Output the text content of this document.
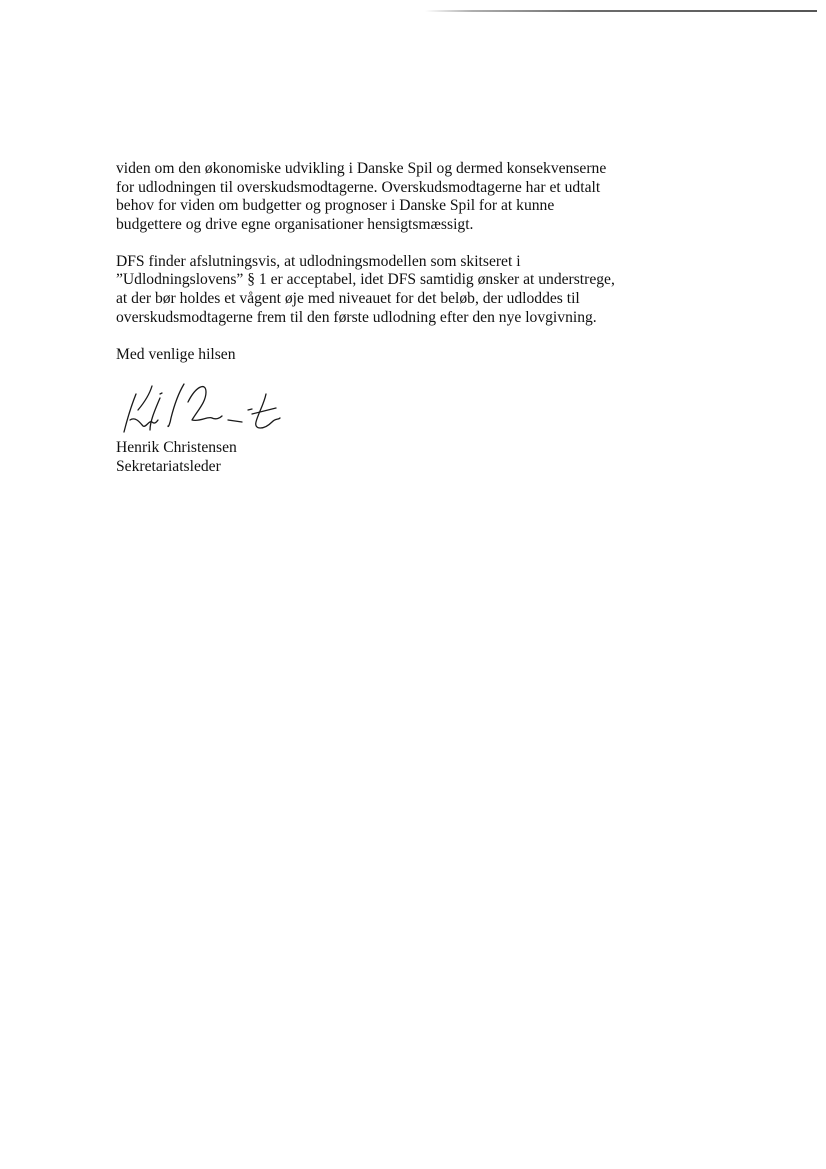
viden om den økonomiske udvikling i Danske Spil og dermed konsekvenserne
for udlodningen til overskudsmodtagerne. Overskudsmodtagerne har et udtalt
behov for viden om budgetter og prognoser i Danske Spil for at kunne
budgettere og drive egne organisationer hensigtsmæssigt.

DFS finder afslutningsvis, at udlodningsmodellen som skitseret i
”Udlodningslovens” § 1 er acceptabel, idet DFS samtidig ønsker at understrege,
at der bør holdes et vågent øje med niveauet for det beløb, der udloddes til
overskudsmodtagerne frem til den første udlodning efter den nye lovgivning.

Med venlige hilsen

Henrik Christensen
Sekretariatsleder
